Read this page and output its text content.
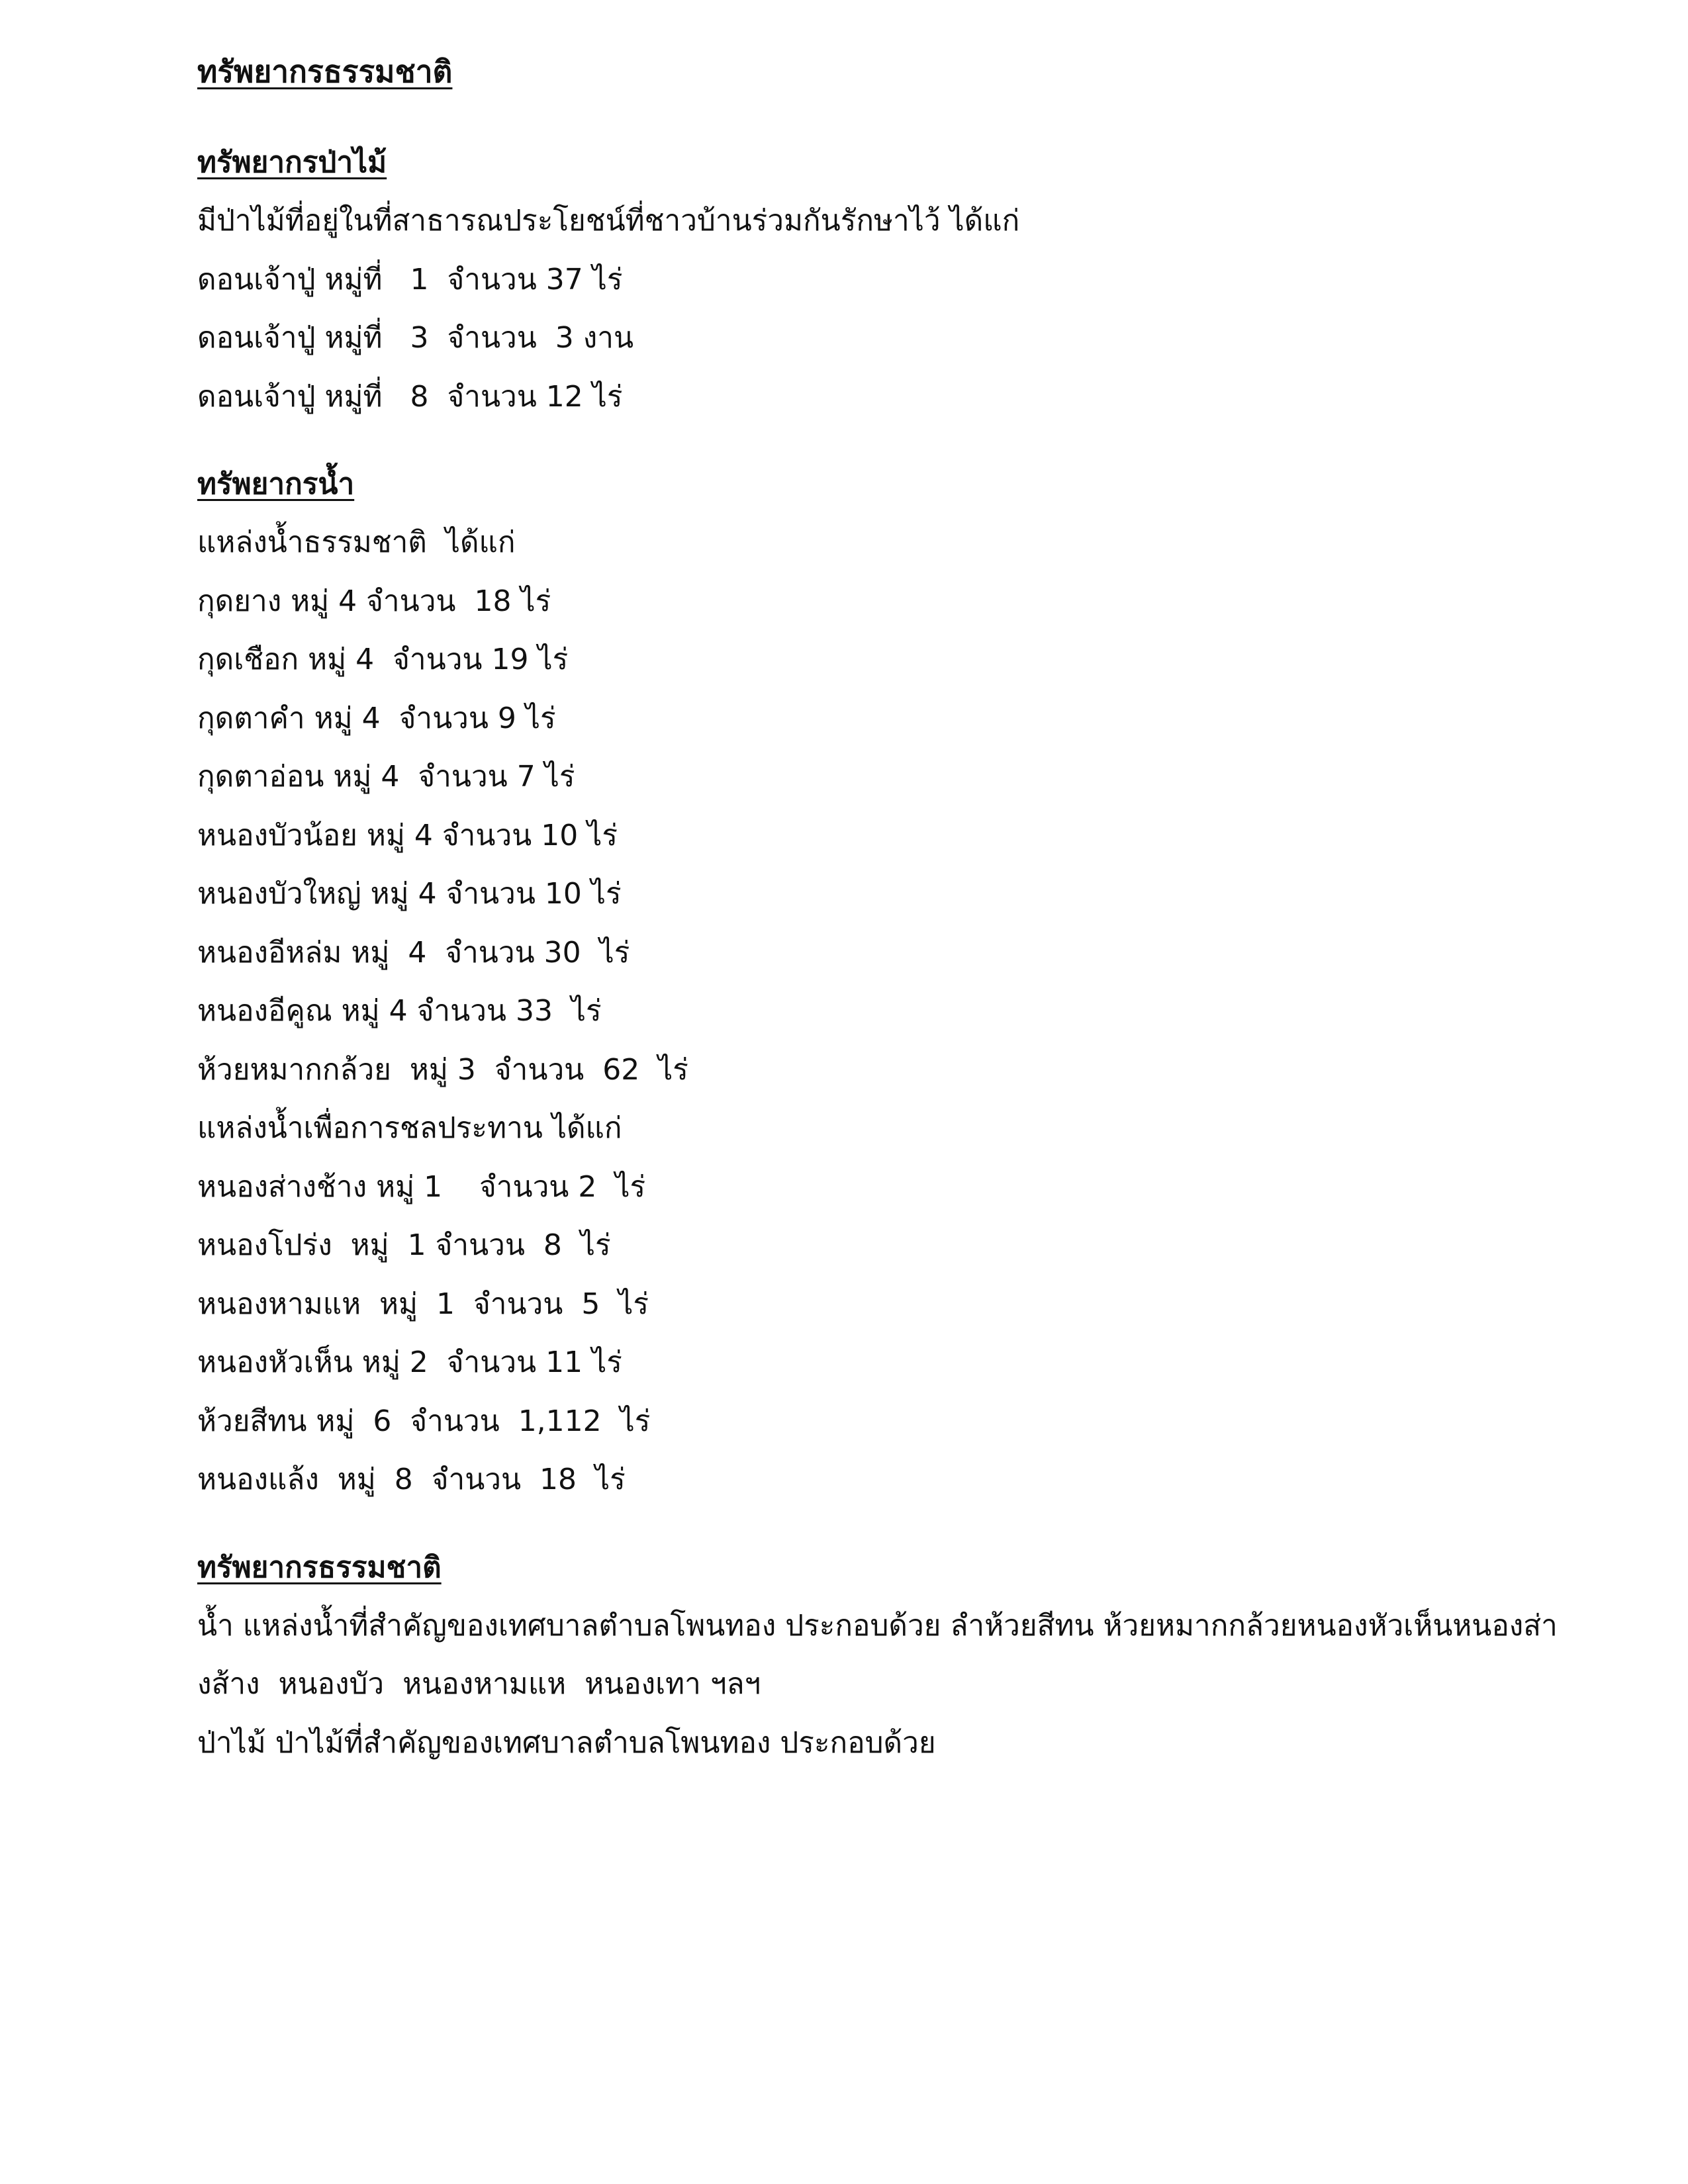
ทรัพยากรธรรมชาติ
ทรัพยากรป่าไม้
มีป่าไม้ที่อยู่ในที่สาธารณประโยชน์ที่ชาวบ้านร่วมกันรักษาไว้ ได้แก่
ดอนเจ้าปู่ หมู่ที่   1  จำนวน 37 ไร่
ดอนเจ้าปู่ หมู่ที่   3  จำนวน  3 งาน
ดอนเจ้าปู่ หมู่ที่   8  จำนวน 12 ไร่
ทรัพยากรน้ำ
แหล่งน้ำธรรมชาติ  ได้แก่
กุดยาง หมู่ 4 จำนวน  18 ไร่
กุดเชือก หมู่ 4  จำนวน 19 ไร่
กุดตาคำ หมู่ 4  จำนวน 9 ไร่
กุดตาอ่อน หมู่ 4  จำนวน 7 ไร่
หนองบัวน้อย หมู่ 4 จำนวน 10 ไร่
หนองบัวใหญ่ หมู่ 4 จำนวน 10 ไร่
หนองอีหล่ม หมู่  4  จำนวน 30  ไร่
หนองอีคูณ หมู่ 4 จำนวน 33  ไร่
ห้วยหมากกล้วย  หมู่ 3  จำนวน  62  ไร่
แหล่งน้ำเพื่อการชลประทาน ได้แก่
หนองส่างช้าง หมู่ 1    จำนวน 2  ไร่
หนองโปร่ง  หมู่  1 จำนวน  8  ไร่
หนองหามแห  หมู่  1  จำนวน  5  ไร่
หนองหัวเห็น หมู่ 2  จำนวน 11 ไร่
ห้วยสีทน หมู่  6  จำนวน  1,112  ไร่
หนองแล้ง  หมู่  8  จำนวน  18  ไร่
ทรัพยากรธรรมชาติ
น้ำ แหล่งน้ำที่สำคัญของเทศบาลตำบลโพนทอง ประกอบด้วย ลำห้วยสีทน ห้วยหมากกล้วยหนองหัวเห็นหนองส่า
งส้าง  หนองบัว  หนองหามแห  หนองเทา ฯลฯ
ป่าไม้ ป่าไม้ที่สำคัญของเทศบาลตำบลโพนทอง ประกอบด้วย
